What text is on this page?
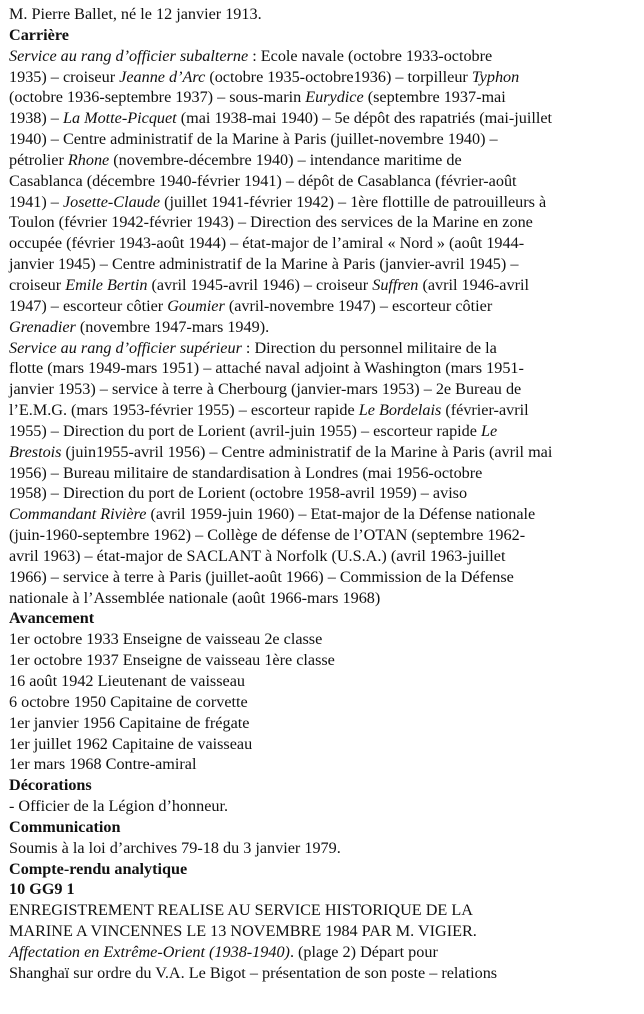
M. Pierre Ballet, né le 12 janvier 1913.
Carrière
Service au rang d’officier subalterne : Ecole navale (octobre 1933-octobre
1935) – croiseur Jeanne d’Arc (octobre 1935-octobre1936) – torpilleur Typhon
(octobre 1936-septembre 1937) – sous-marin Eurydice (septembre 1937-mai
1938) – La Motte-Picquet (mai 1938-mai 1940) – 5e dépôt des rapatriés (mai-juillet
1940) – Centre administratif de la Marine à Paris (juillet-novembre 1940) –
pétrolier Rhone (novembre-décembre 1940) – intendance maritime de
Casablanca (décembre 1940-février 1941) – dépôt de Casablanca (février-août
1941) – Josette-Claude (juillet 1941-février 1942) – 1ère flottille de patrouilleurs à
Toulon (février 1942-février 1943) – Direction des services de la Marine en zone
occupée (février 1943-août 1944) – état-major de l’amiral « Nord » (août 1944-
janvier 1945) – Centre administratif de la Marine à Paris (janvier-avril 1945) –
croiseur Emile Bertin (avril 1945-avril 1946) – croiseur Suffren (avril 1946-avril
1947) – escorteur côtier Goumier (avril-novembre 1947) – escorteur côtier
Grenadier (novembre 1947-mars 1949).
Service au rang d’officier supérieur : Direction du personnel militaire de la
flotte (mars 1949-mars 1951) – attaché naval adjoint à Washington (mars 1951-
janvier 1953) – service à terre à Cherbourg (janvier-mars 1953) – 2e Bureau de
l’E.M.G. (mars 1953-février 1955) – escorteur rapide Le Bordelais (février-avril
1955) – Direction du port de Lorient (avril-juin 1955) – escorteur rapide Le
Brestois (juin1955-avril 1956) – Centre administratif de la Marine à Paris (avril mai
1956) – Bureau militaire de standardisation à Londres (mai 1956-octobre
1958) – Direction du port de Lorient (octobre 1958-avril 1959) – aviso
Commandant Rivière (avril 1959-juin 1960) – Etat-major de la Défense nationale
(juin-1960-septembre 1962) – Collège de défense de l’OTAN (septembre 1962-
avril 1963) – état-major de SACLANT à Norfolk (U.S.A.) (avril 1963-juillet
1966) – service à terre à Paris (juillet-août 1966) – Commission de la Défense
nationale à l’Assemblée nationale (août 1966-mars 1968)
Avancement
1er octobre 1933 Enseigne de vaisseau 2e classe
1er octobre 1937 Enseigne de vaisseau 1ère classe
16 août 1942 Lieutenant de vaisseau
6 octobre 1950 Capitaine de corvette
1er janvier 1956 Capitaine de frégate
1er juillet 1962 Capitaine de vaisseau
1er mars 1968 Contre-amiral
Décorations
- Officier de la Légion d’honneur.
Communication
Soumis à la loi d’archives 79-18 du 3 janvier 1979.
Compte-rendu analytique
10 GG9 1
ENREGISTREMENT REALISE AU SERVICE HISTORIQUE DE LA
MARINE A VINCENNES LE 13 NOVEMBRE 1984 PAR M. VIGIER.
Affectation en Extrême-Orient (1938-1940). (plage 2) Départ pour
Shanghaï sur ordre du V.A. Le Bigot – présentation de son poste – relations
